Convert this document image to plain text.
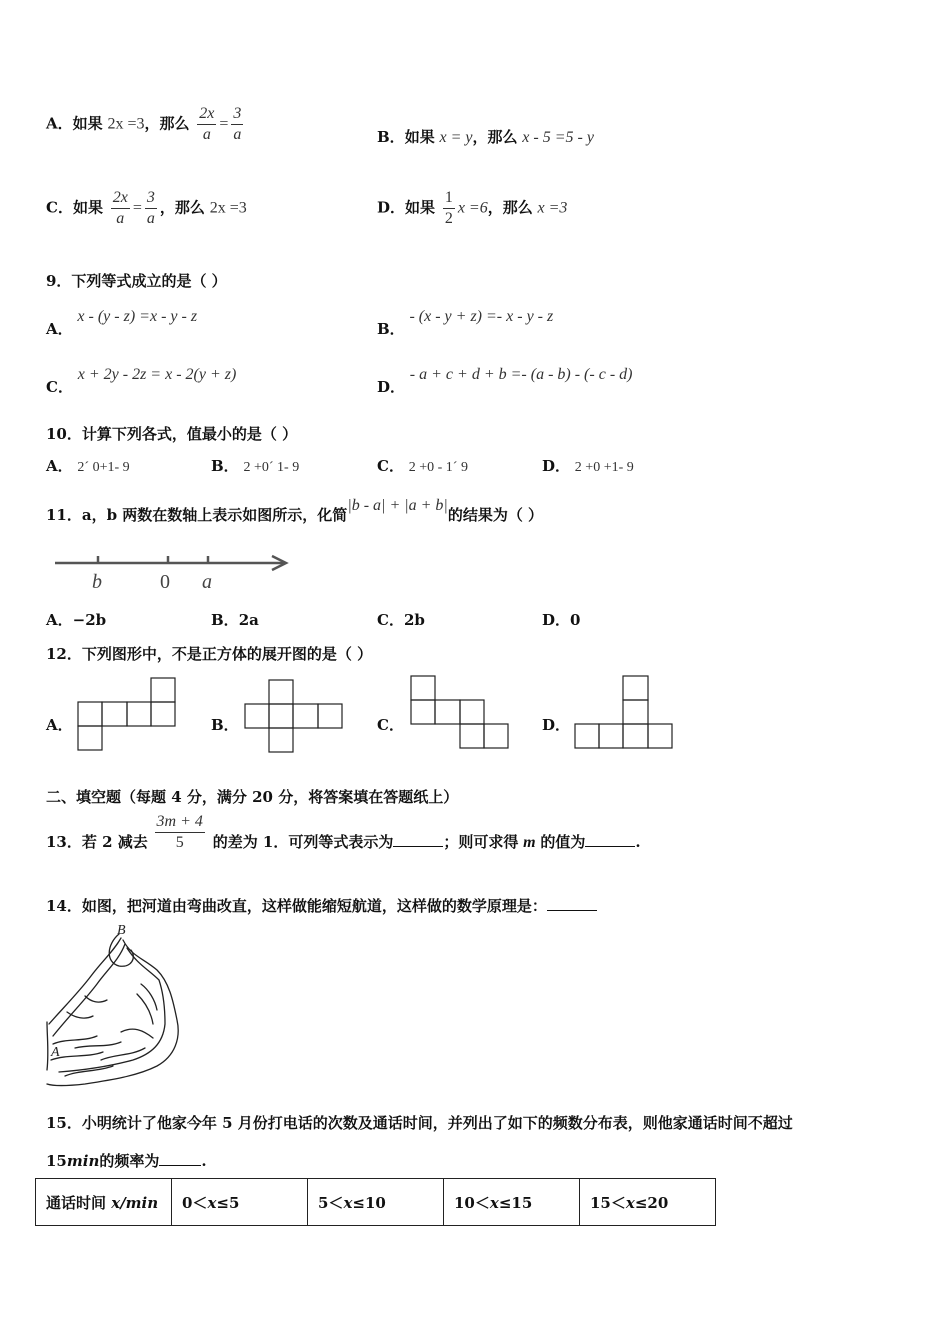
A．如果 2x =3，那么 $\frac{2x}{a} = \frac{3}{a}$	B．如果 x = y，那么 x - 5 =5 - y
C．如果 $\frac{2x}{a} = \frac{3}{a}$ ，那么 2x =3	D．如果 $\frac{1}{2}$ x =6，那么 x =3
9．下列等式成立的是（ ）
A． x - (y - z) =x - y - z
B． - (x - y + z) =- x - y - z
C． x + 2y - 2z = x - 2(y + z)
D． - a + c + d + b =- (a - b) - (- c - d)
10．计算下列各式，值最小的是（ ）
A． 2´ 0+1- 9	B． 2 +0´ 1- 9	C． 2 +0 - 1´ 9	D． 2 +0 +1- 9
11．a，b 两数在数轴上表示如图所示，化简|b - a| + |a + b|的结果为（ ）
b	0 a
A．−2b	B．2a	C．2b	D．0
12．下列图形中，不是正方体的展开图的是（ ）
A．	B．	C．	D．
二、填空题（每题 4 分，满分 20 分，将答案填在答题纸上）
13．若 2 减去 $\frac{3m + 4}{5}$ 的差为 1．可列等式表示为	；则可求得 m 的值为	.
14．如图，把河道由弯曲改直，这样做能缩短航道，这样做的数学原理是：
B
A
15．小明统计了他家今年 5 月份打电话的次数及通话时间，并列出了如下的频数分布表，则他家通话时间不超过
15min的频率为	.
通话时间 x/min	0＜x≤5	5＜x≤10	10＜x≤15	15＜x≤20
